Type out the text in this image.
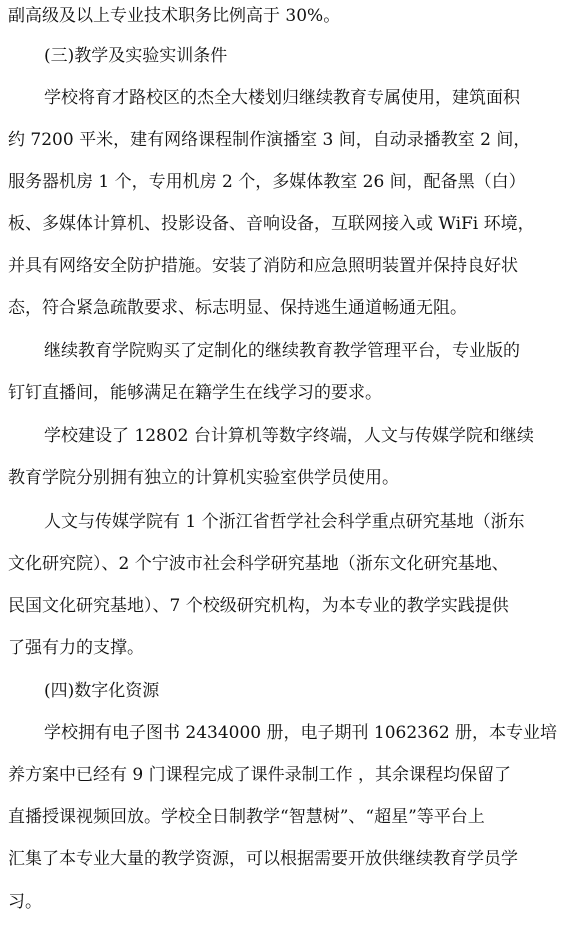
副高级及以上专业技术职务比例高于 30%。
(三)教学及实验实训条件
学校将育才路校区的杰全大楼划归继续教育专属使用，建筑面积
约 7200 平米，建有网络课程制作演播室 3 间，自动录播教室 2 间，
服务器机房 1 个，专用机房 2 个，多媒体教室 26 间，配备黑（白）
板、多媒体计算机、投影设备、音响设备，互联网接入或 WiFi 环境，
并具有网络安全防护措施。安装了消防和应急照明装置并保持良好状
态，符合紧急疏散要求、标志明显、保持逃生通道畅通无阻。
继续教育学院购买了定制化的继续教育教学管理平台，专业版的
钉钉直播间，能够满足在籍学生在线学习的要求。
学校建设了 12802 台计算机等数字终端，人文与传媒学院和继续
教育学院分别拥有独立的计算机实验室供学员使用。
人文与传媒学院有 1 个浙江省哲学社会科学重点研究基地（浙东
文化研究院）、2 个宁波市社会科学研究基地（浙东文化研究基地、
民国文化研究基地）、7 个校级研究机构，为本专业的教学实践提供
了强有力的支撑。
(四)数字化资源
学校拥有电子图书 2434000 册，电子期刊 1062362 册，本专业培
养方案中已经有 9 门课程完成了课件录制工作 ，其余课程均保留了
直播授课视频回放。学校全日制教学“智慧树”、“超星”等平台上
汇集了本专业大量的教学资源，可以根据需要开放供继续教育学员学
习。
